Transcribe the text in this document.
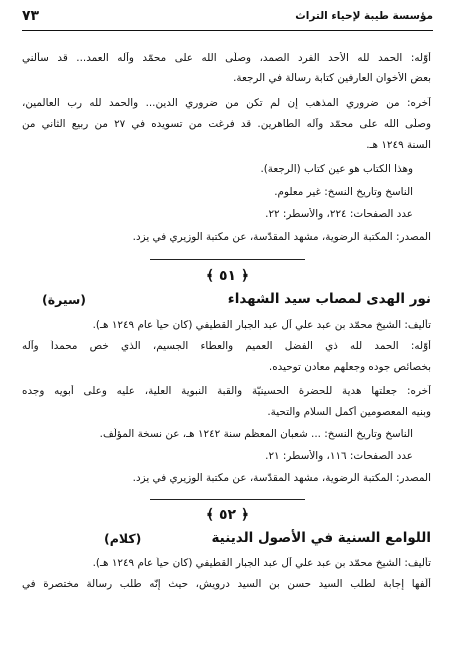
مؤسسة طيبة لإحياء التراث
٧٣
أوّله: الحمد لله الأحد الفرد الصمد، وصلّى الله على محمّد وآله العمد... قد سألني
بعض الأخوان العارفين كتابة رسالة في الرجعة.
آخره: من ضروري المذهب إن لم تكن من ضروري الدين... والحمد لله رب العالمين،
وصلّى الله على محمّد وآله الطاهرين. قد فرغت من تسويده في ٢٧ من ربيع الثاني من
السنة ١٢٤٩ هـ.
وهذا الكتاب هو عين كتاب (الرجعة).
الناسخ وتاريخ النسخ: غير معلوم.
عدد الصفحات: ٢٢٤، والأسطر: ٢٢.
المصدر: المكتبة الرضوية، مشهد المقدّسة، عن مكتبة الوزيري في يزد.
﴿ ٥١ ﴾
نور الهدى لمصاب سيد الشهداء
(سيرة)
تأليف: الشيخ محمّد بن عبد علي آل عبد الجبار القطيفي (كان حياً عام ١٢٤٩ هـ).
أوّله: الحمد لله ذي الفضل العميم والعطاء الجسيم، الذي خص محمداً وآله
بخصائص جوده وجعلهم معادن توحيده.
آخره: جعلتها هدية للحضرة الحسينيّة والقبة النبوية العلية، عليه وعلى أبويه وجده
وبنيه المعصومين أكمل السلام والتحية.
الناسخ وتاريخ النسخ: ... شعبان المعظم سنة ١٢٤٢ هـ، عن نسخة المؤلّف.
عدد الصفحات: ١١٦، والأسطر: ٢١.
المصدر: المكتبة الرضوية، مشهد المقدّسة، عن مكتبة الوزيري في يزد.
﴿ ٥٢ ﴾
اللوامع السنية في الأصول الدينية
(كلام)
تأليف: الشيخ محمّد بن عبد علي آل عبد الجبار القطيفي (كان حياً عام ١٢٤٩ هـ).
ألّفها إجابة لطلب السيد حسن بن السيد درويش، حيث إنّه طلب رسالة مختصرة في
